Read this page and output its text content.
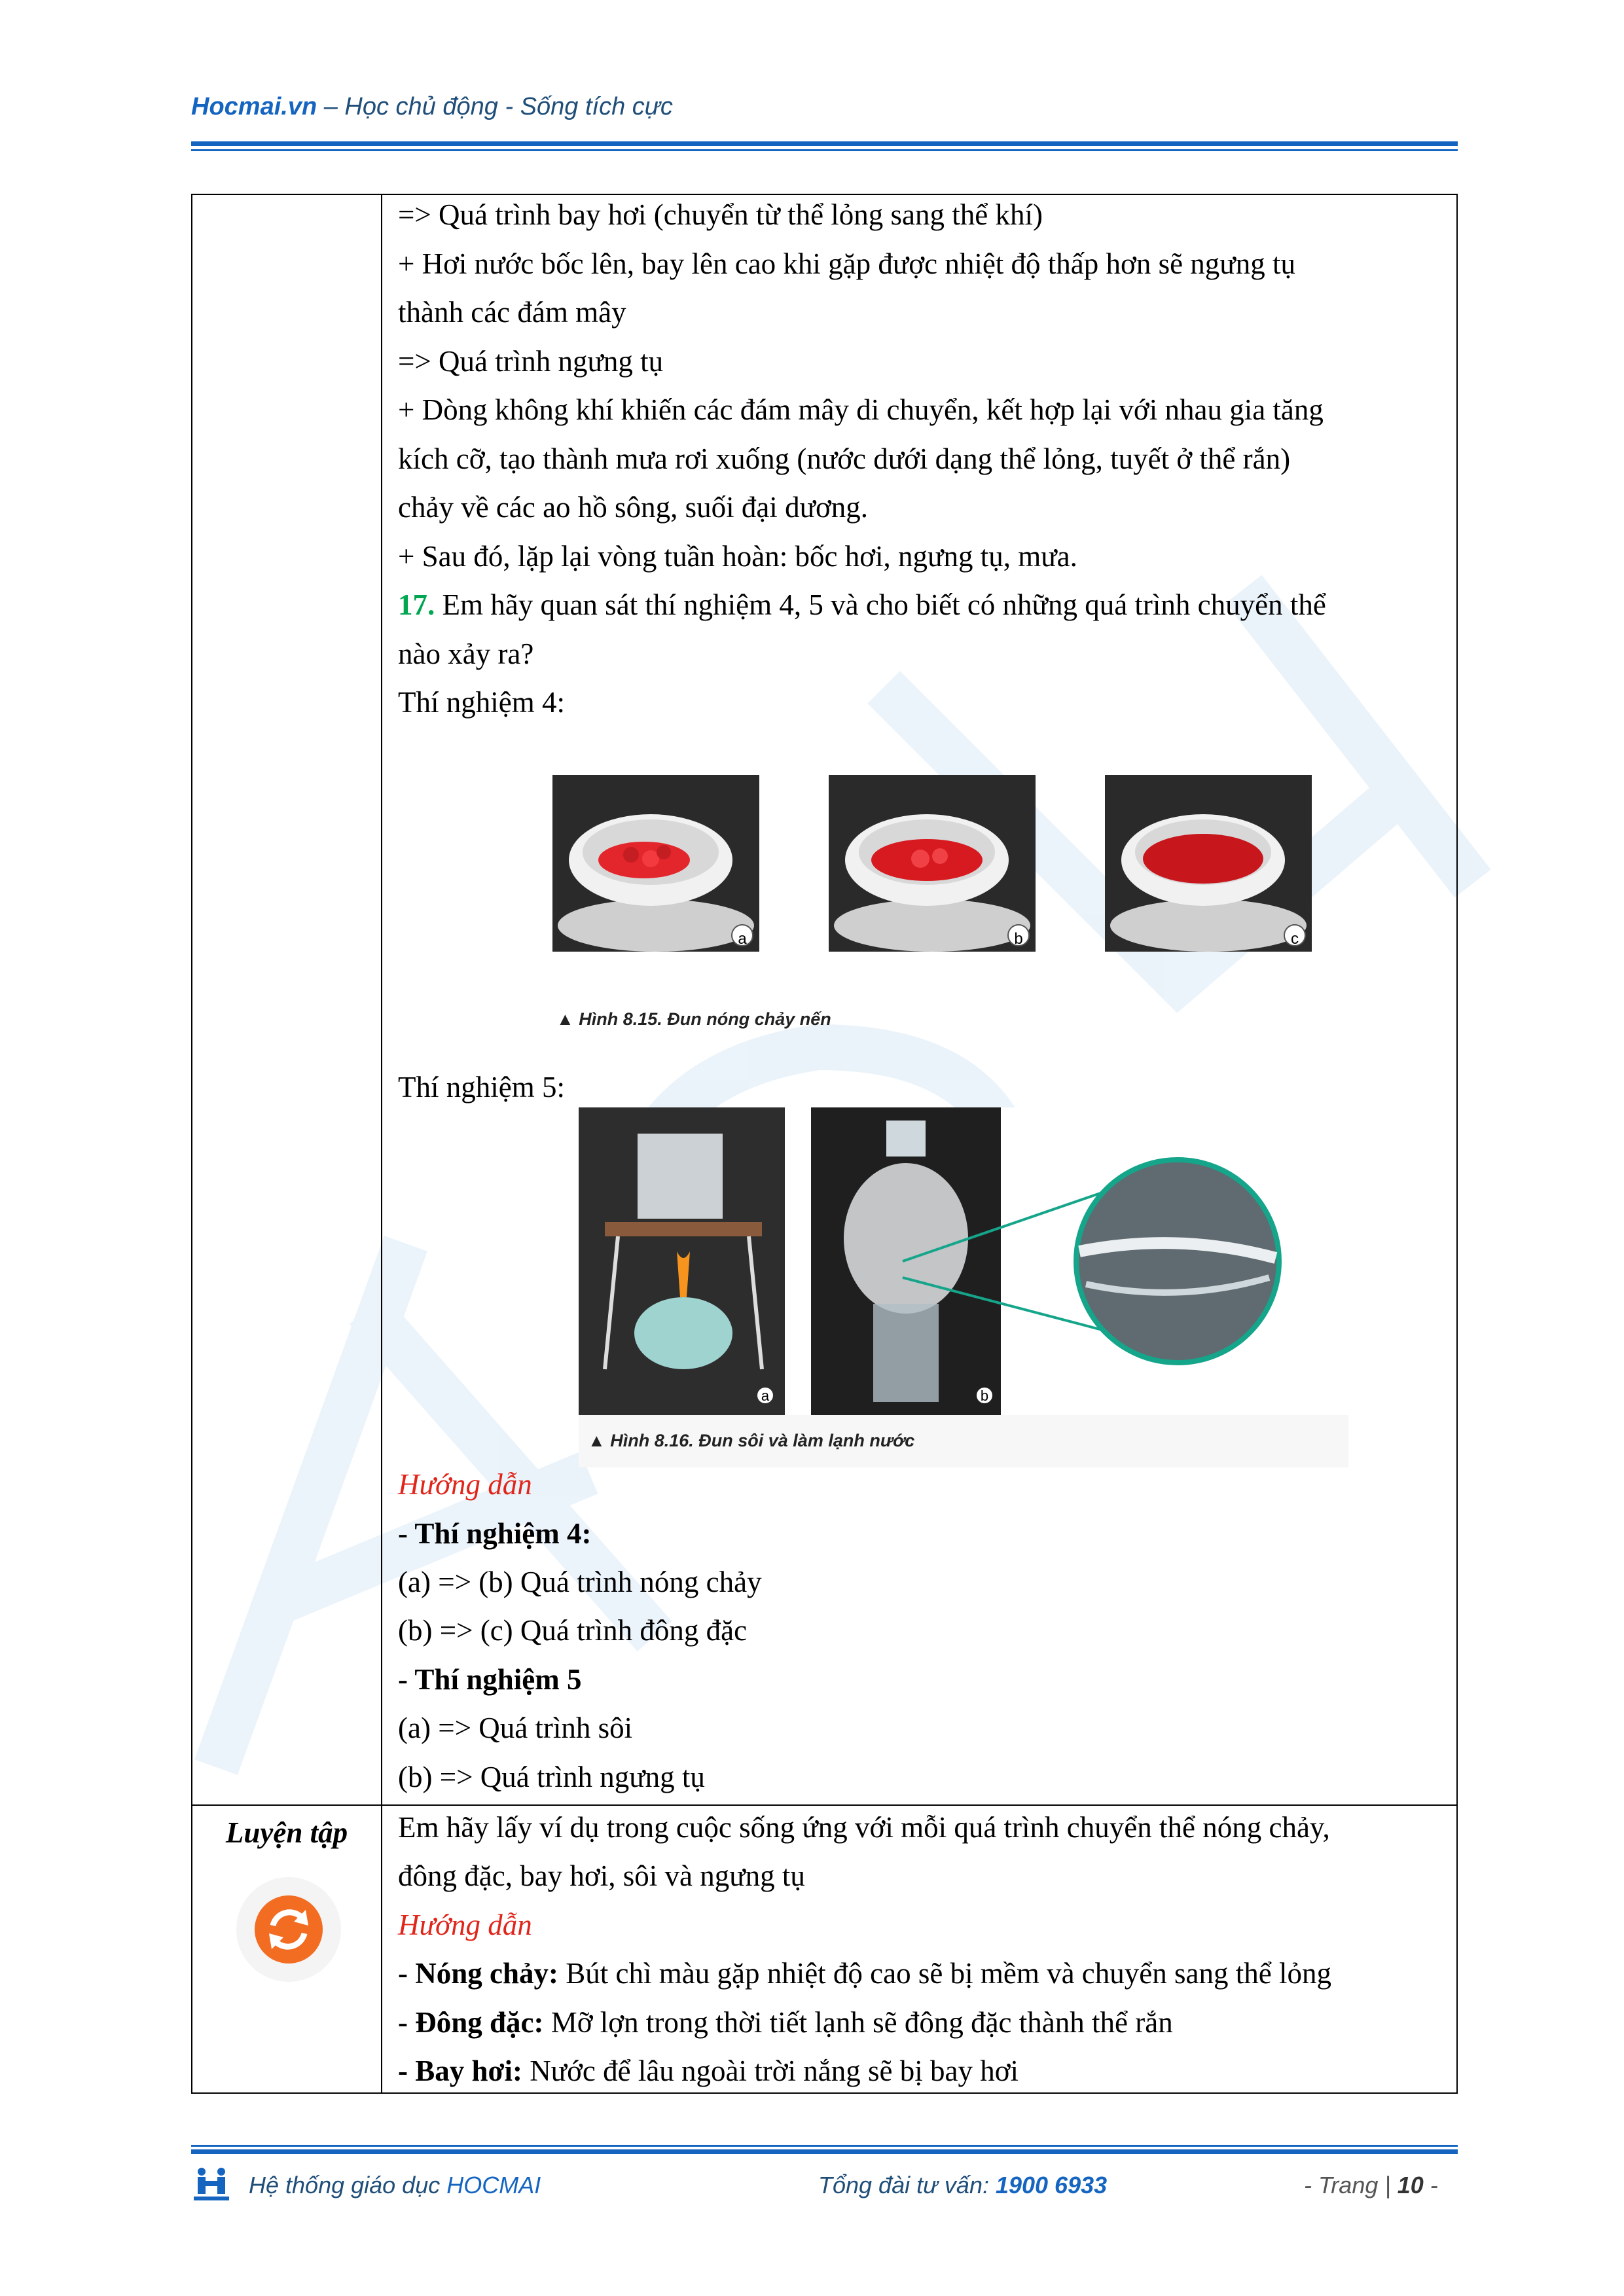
Hocmai.vn – Học chủ động - Sống tích cực
=> Quá trình bay hơi (chuyển từ thể lỏng sang thể khí)
+ Hơi nước bốc lên, bay lên cao khi gặp được nhiệt độ thấp hơn sẽ ngưng tụ
thành các đám mây
=> Quá trình ngưng tụ
+ Dòng không khí khiến các đám mây di chuyển, kết hợp lại với nhau gia tăng
kích cỡ, tạo thành mưa rơi xuống (nước dưới dạng thể lỏng, tuyết ở thể rắn)
chảy về các ao hồ sông, suối đại dương.
+ Sau đó, lặp lại vòng tuần hoàn: bốc hơi, ngưng tụ, mưa.
17. Em hãy quan sát thí nghiệm 4, 5 và cho biết có những quá trình chuyển thể
nào xảy ra?
Thí nghiệm 4:
a	b	c
▲ Hình 8.15. Đun nóng chảy nến
Thí nghiệm 5:
a	b
▲ Hình 8.16. Đun sôi và làm lạnh nước
Hướng dẫn
- Thí nghiệm 4:
(a) => (b) Quá trình nóng chảy
(b) => (c) Quá trình đông đặc
- Thí nghiệm 5
(a) => Quá trình sôi
(b) => Quá trình ngưng tụ
Em hãy lấy ví dụ trong cuộc sống ứng với mỗi quá trình chuyển thể nóng chảy,
đông đặc, bay hơi, sôi và ngưng tụ
Hướng dẫn
- Nóng chảy: Bút chì màu gặp nhiệt độ cao sẽ bị mềm và chuyển sang thể lỏng
- Đông đặc: Mỡ lợn trong thời tiết lạnh sẽ đông đặc thành thể rắn
- Bay hơi: Nước để lâu ngoài trời nắng sẽ bị bay hơi
Luyện tập
Hệ thống giáo dục HOCMAI	Tổng đài tư vấn: 1900 6933	- Trang | 10 -
